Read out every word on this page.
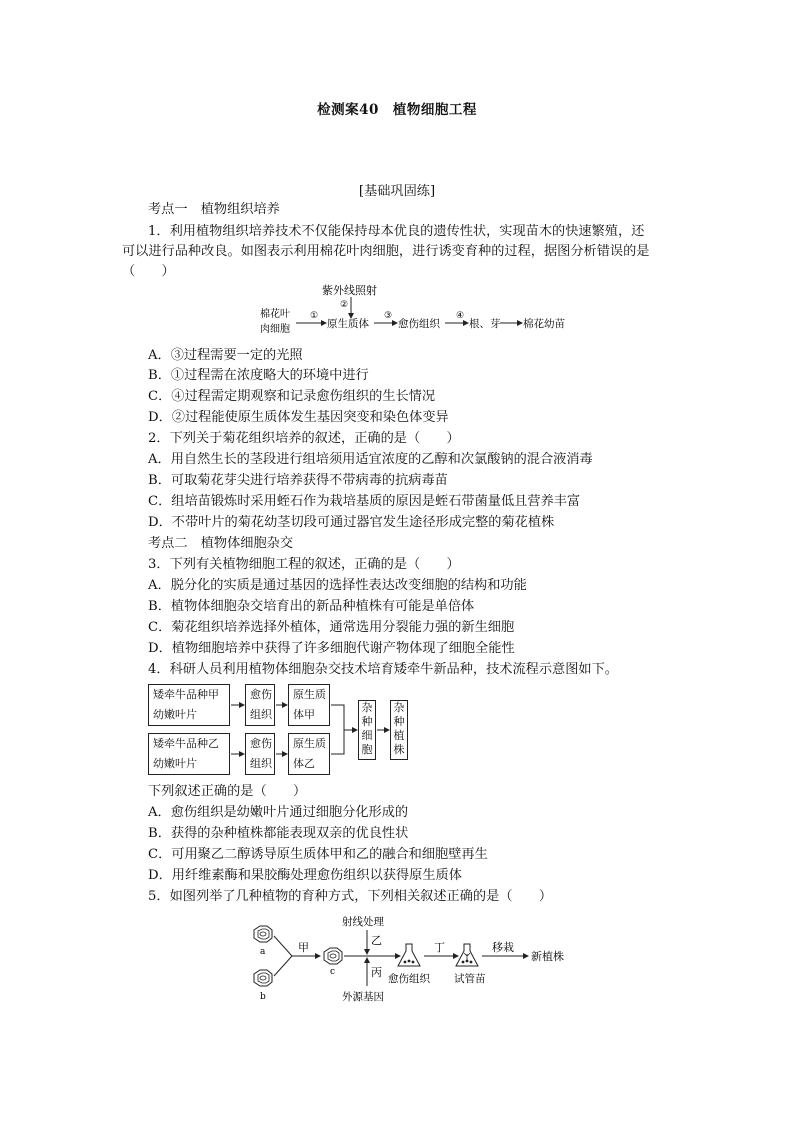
检测案40　植物细胞工程
[基础巩固练]
考点一　植物组织培养
1．利用植物组织培养技术不仅能保持母本优良的遗传性状，实现苗木的快速繁殖，还
可以进行品种改良。如图表示利用棉花叶肉细胞，进行诱变育种的过程，据图分析错误的是
（　　）
紫外线照射
②
棉花叶
肉细胞
①
原生质体
③
愈伤组织
④
根、芽 棉花幼苗
A．③过程需要一定的光照
B．①过程需在浓度略大的环境中进行
C．④过程需定期观察和记录愈伤组织的生长情况
D．②过程能使原生质体发生基因突变和染色体变异
2．下列关于菊花组织培养的叙述，正确的是（　　）
A．用自然生长的茎段进行组培须用适宜浓度的乙醇和次氯酸钠的混合液消毒
B．可取菊花芽尖进行培养获得不带病毒的抗病毒苗
C．组培苗锻炼时采用蛭石作为栽培基质的原因是蛭石带菌量低且营养丰富
D．不带叶片的菊花幼茎切段可通过器官发生途径形成完整的菊花植株
考点二　植物体细胞杂交
3．下列有关植物细胞工程的叙述，正确的是（　　）
A．脱分化的实质是通过基因的选择性表达改变细胞的结构和功能
B．植物体细胞杂交培育出的新品种植株有可能是单倍体
C．菊花组织培养选择外植体，通常选用分裂能力强的新生细胞
D．植物细胞培养中获得了许多细胞代谢产物体现了细胞全能性
4．科研人员利用植物体细胞杂交技术培育矮牵牛新品种，技术流程示意图如下。
矮牵牛品种甲
幼嫩叶片
愈伤
组织
原生质
体甲
矮牵牛品种乙
幼嫩叶片
愈伤
组织
原生质
体乙
杂
种
细
胞
杂
种
植
株
下列叙述正确的是（　　）
A．愈伤组织是幼嫩叶片通过细胞分化形成的
B．获得的杂种植株都能表现双亲的优良性状
C．可用聚乙二醇诱导原生质体甲和乙的融合和细胞壁再生
D．用纤维素酶和果胶酶处理愈伤组织以获得原生质体
5．如图列举了几种植物的育种方式，下列相关叙述正确的是（　　）
a
b
甲
c
射线处理
乙
丙
外源基因
愈伤组织
丁
试管苗
移栽
新植株
